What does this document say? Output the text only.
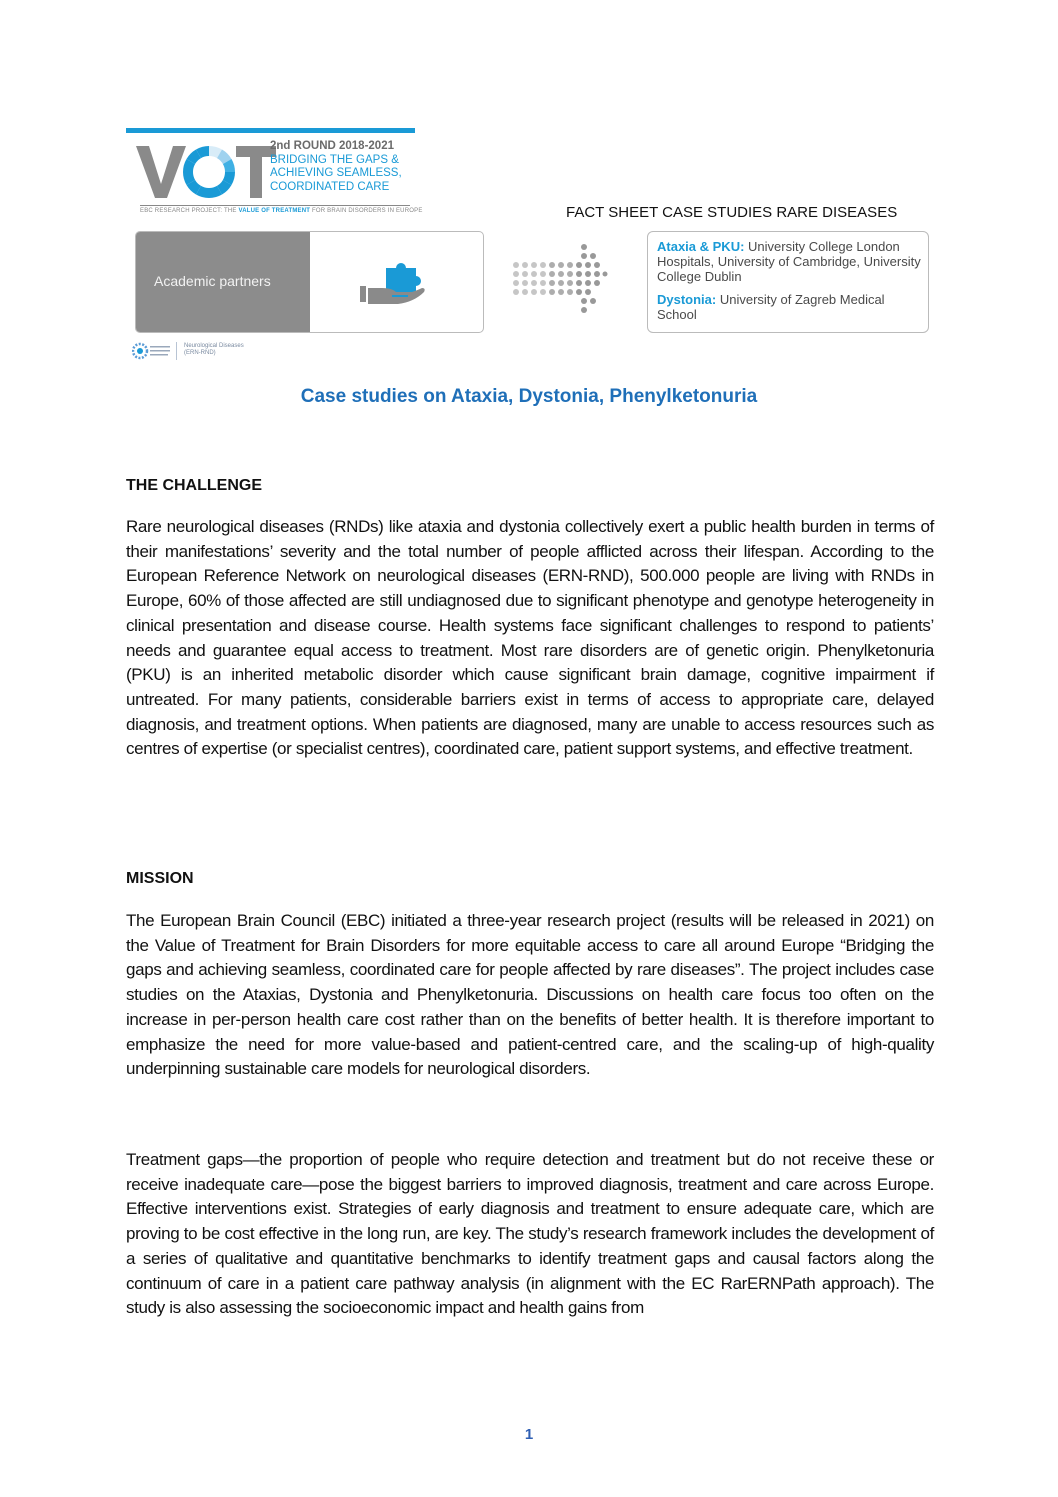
2nd ROUND 2018-2021
BRIDGING THE GAPS &
ACHIEVING SEAMLESS,
COORDINATED CARE
EBC RESEARCH PROJECT: THE VALUE OF TREATMENT FOR BRAIN DISORDERS IN EUROPE	FACT SHEET CASE STUDIES RARE DISEASES
Academic partners
Neurological Diseases
(ERN-RND)

Ataxia & PKU: University College London Hospitals, University of Cambridge, University College Dublin

Dystonia: University of Zagreb Medical School

Case studies on Ataxia, Dystonia, Phenylketonuria
THE CHALLENGE
Rare neurological diseases (RNDs) like ataxia and dystonia collectively exert a public health burden in terms of their manifestations’ severity and the total number of people afflicted across their lifespan. According to the European Reference Network on neurological diseases (ERN-RND), 500.000 people are living with RNDs in Europe, 60% of those affected are still undiagnosed due to significant phenotype and genotype heterogeneity in clinical presentation and disease course. Health systems face significant challenges to respond to patients’ needs and guarantee equal access to treatment. Most rare disorders are of genetic origin. Phenylketonuria (PKU) is an inherited metabolic disorder which cause significant brain damage, cognitive impairment if untreated. For many patients, considerable barriers exist in terms of access to appropriate care, delayed diagnosis, and treatment options. When patients are diagnosed, many are unable to access resources such as centres of expertise (or specialist centres), coordinated care, patient support systems, and effective treatment.
MISSION
The European Brain Council (EBC) initiated a three-year research project (results will be released in 2021) on the Value of Treatment for Brain Disorders for more equitable access to care all around Europe “Bridging the gaps and achieving seamless, coordinated care for people affected by rare diseases”. The project includes case studies on the Ataxias, Dystonia and Phenylketonuria. Discussions on health care focus too often on the increase in per-person health care cost rather than on the benefits of better health. It is therefore important to emphasize the need for more value-based and patient-centred care, and the scaling-up of high-quality underpinning sustainable care models for neurological disorders.
Treatment gaps—the proportion of people who require detection and treatment but do not receive these or receive inadequate care—pose the biggest barriers to improved diagnosis, treatment and care across Europe. Effective interventions exist. Strategies of early diagnosis and treatment to ensure adequate care, which are proving to be cost effective in the long run, are key. The study’s research framework includes the development of a series of qualitative and quantitative benchmarks to identify treatment gaps and causal factors along the continuum of care in a patient care pathway analysis (in alignment with the EC RarERNPath approach). The study is also assessing the socioeconomic impact and health gains from
1
